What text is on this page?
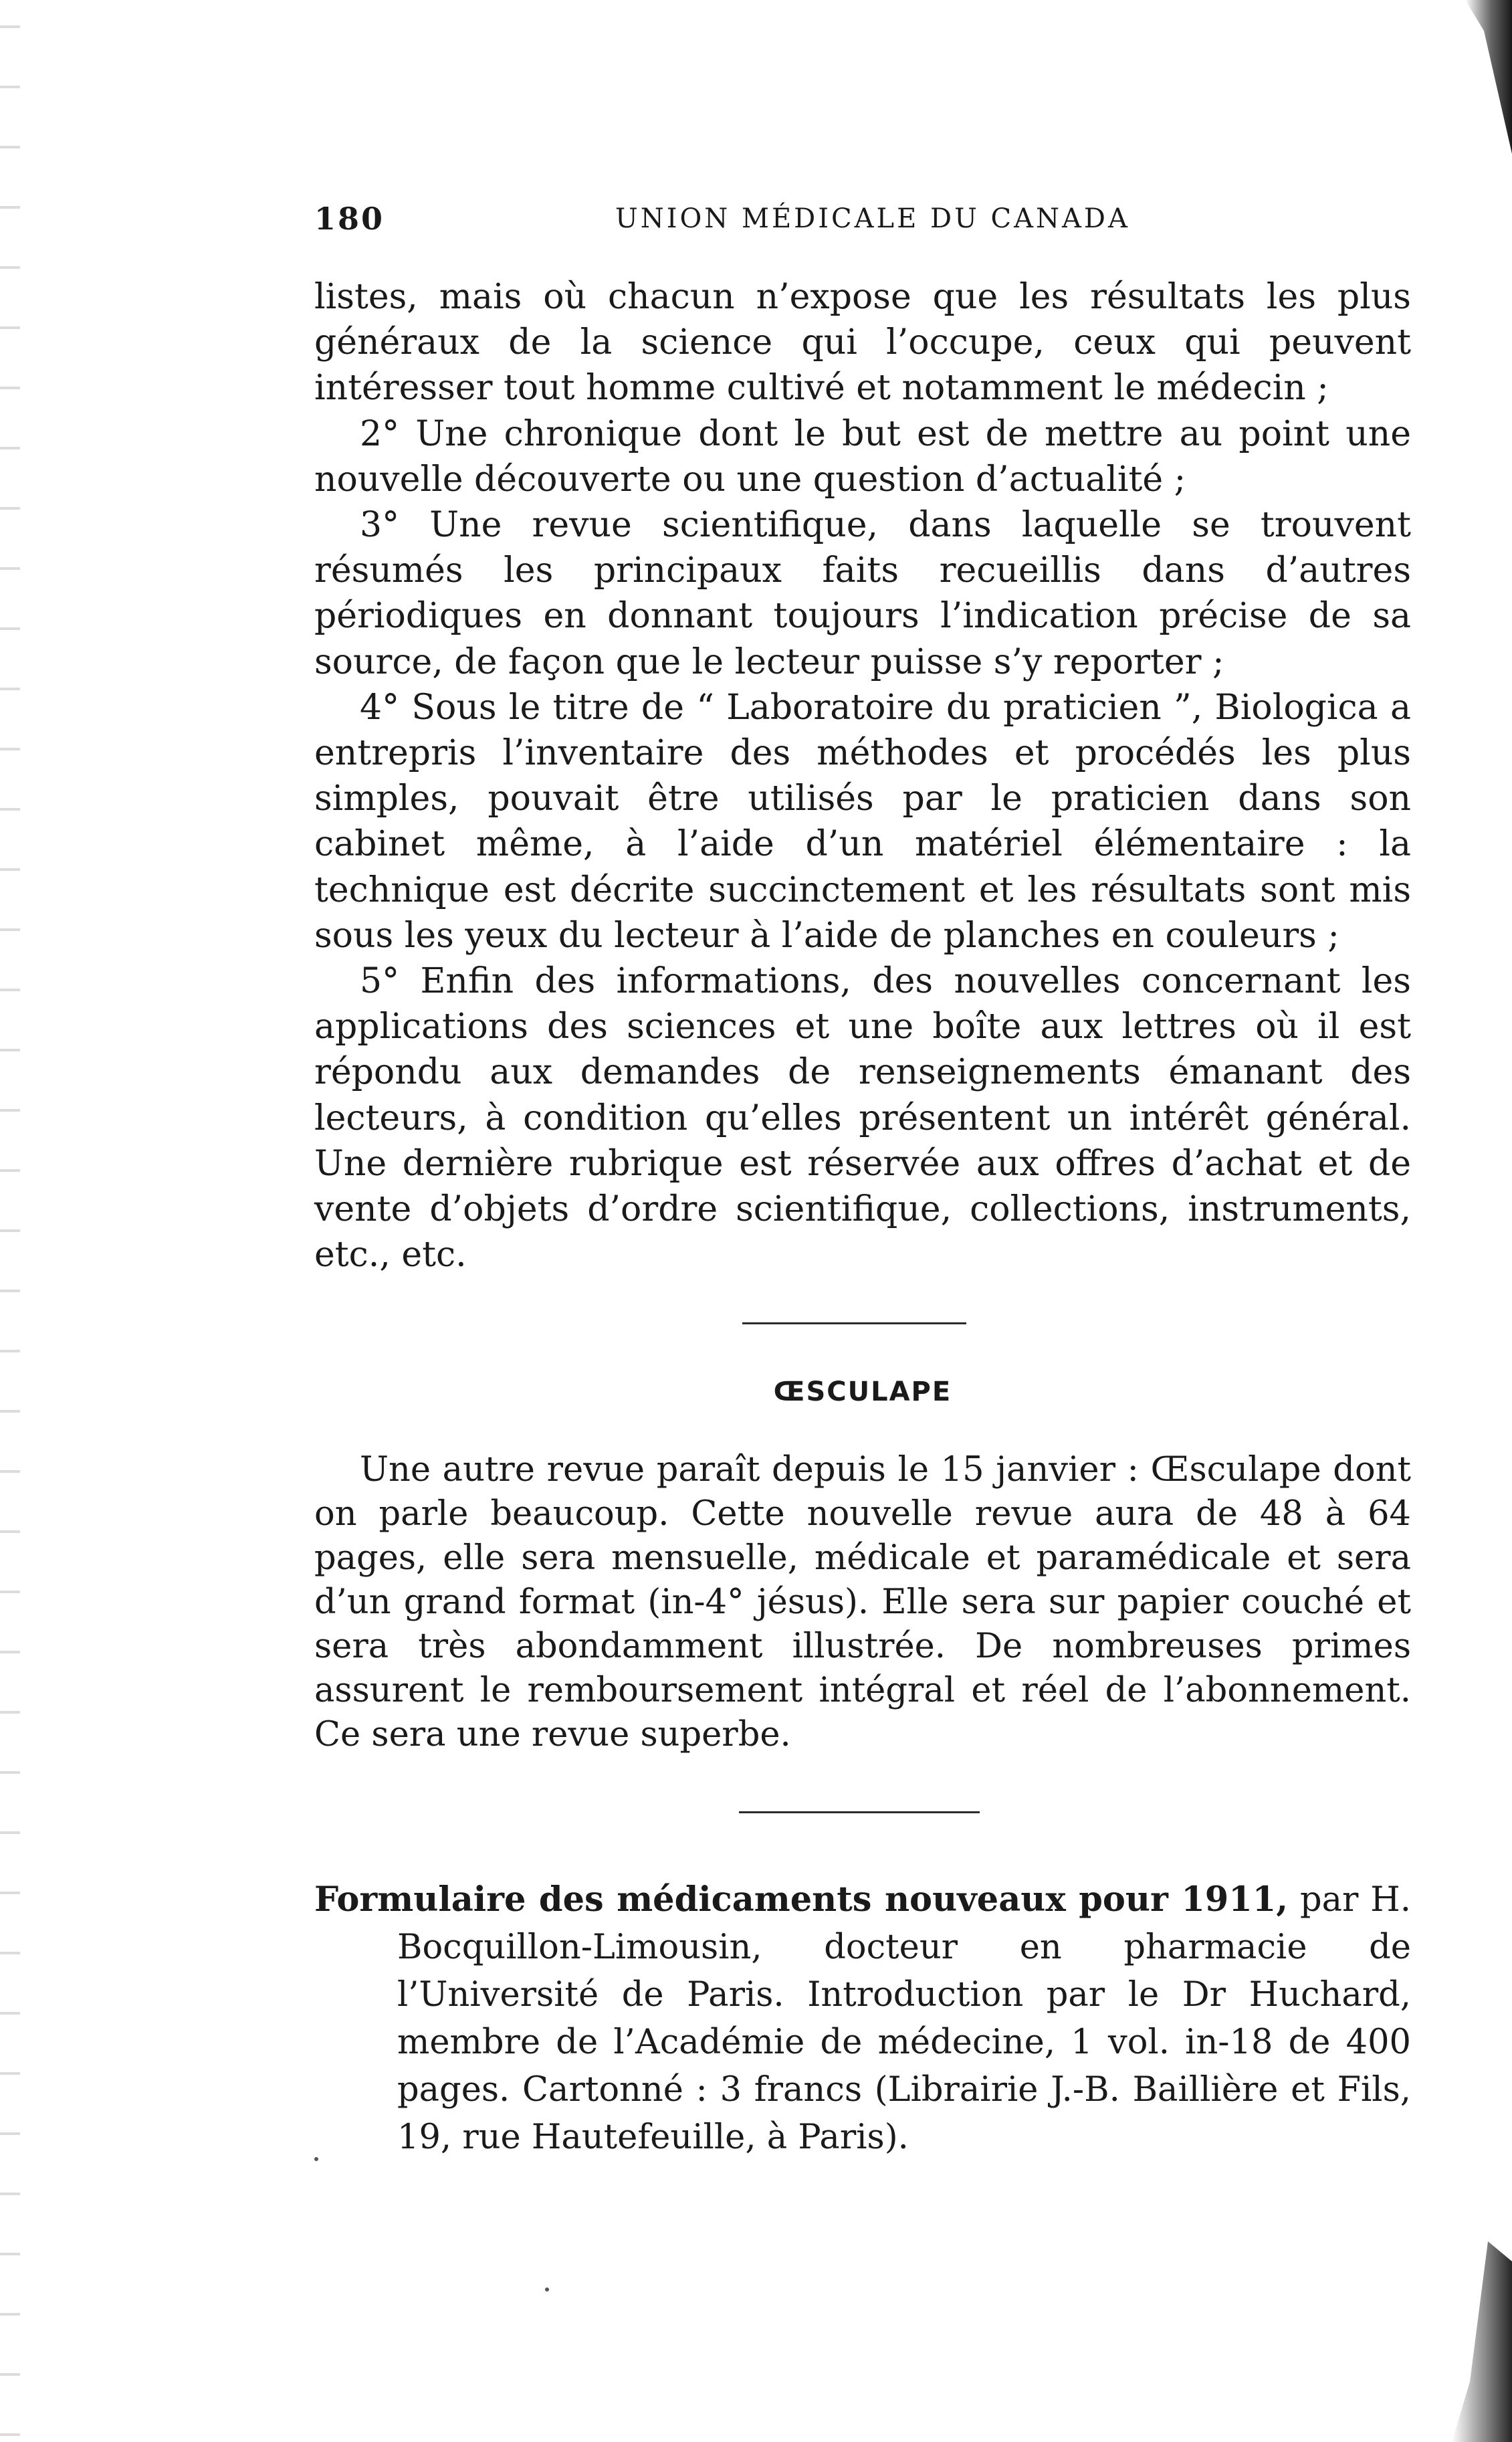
180	UNION MÉDICALE DU CANADA

listes, mais où chacun n’expose que les résultats les plus généraux de la science qui l’occupe, ceux qui peuvent intéresser tout homme cultivé et notamment le médecin ;

2° Une chronique dont le but est de mettre au point une nouvelle découverte ou une question d’actualité ;

3° Une revue scientifique, dans laquelle se trouvent résumés les principaux faits recueillis dans d’autres périodiques en donnant toujours l’indication précise de sa source, de façon que le lecteur puisse s’y reporter ;

4° Sous le titre de “ Laboratoire du praticien ”, Biologica a entrepris l’inventaire des méthodes et procédés les plus simples, pouvait être utilisés par le praticien dans son cabinet même, à l’aide d’un matériel élémentaire : la technique est décrite succinctement et les résultats sont mis sous les yeux du lecteur à l’aide de planches en couleurs ;

5° Enfin des informations, des nouvelles concernant les applications des sciences et une boîte aux lettres où il est répondu aux demandes de renseignements émanant des lecteurs, à condition qu’elles présentent un intérêt général. Une dernière rubrique est réservée aux offres d’achat et de vente d’objets d’ordre scientifique, collections, instruments, etc., etc.

ŒSCULAPE

Une autre revue paraît depuis le 15 janvier : Œsculape dont on parle beaucoup. Cette nouvelle revue aura de 48 à 64 pages, elle sera mensuelle, médicale et paramédicale et sera d’un grand format (in-4° jésus). Elle sera sur papier couché et sera très abondamment illustrée. De nombreuses primes assurent le remboursement intégral et réel de l’abonnement. Ce sera une revue superbe.

Formulaire des médicaments nouveaux pour 1911, par H. Bocquillon-Limousin, docteur en pharmacie de l’Université de Paris. Introduction par le Dr Huchard, membre de l’Académie de médecine, 1 vol. in-18 de 400 pages. Cartonné : 3 francs (Librairie J.-B. Baillière et Fils, 19, rue Hautefeuille, à Paris).
